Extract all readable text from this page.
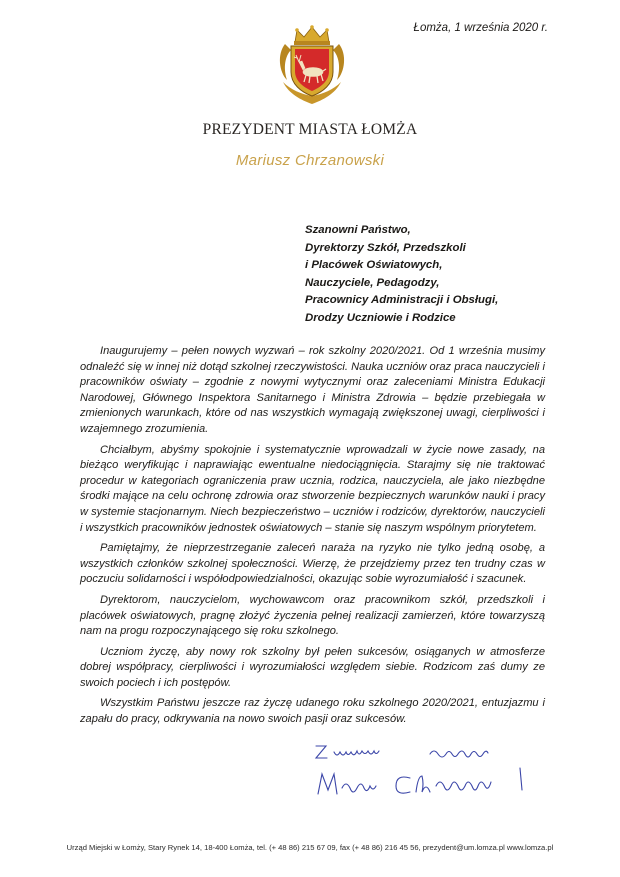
Łomża, 1 września 2020 r.
PREZYDENT MIASTA ŁOMŻA
Mariusz Chrzanowski
Szanowni Państwo,
Dyrektorzy Szkół, Przedszkoli
i Placówek Oświatowych,
Nauczyciele, Pedagodzy,
Pracownicy Administracji i Obsługi,
Drodzy Uczniowie i Rodzice

Inaugurujemy – pełen nowych wyzwań – rok szkolny 2020/2021. Od 1 września musimy odnaleźć się w innej niż dotąd szkolnej rzeczywistości. Nauka uczniów oraz praca nauczycieli i pracowników oświaty – zgodnie z nowymi wytycznymi oraz zaleceniami Ministra Edukacji Narodowej, Głównego Inspektora Sanitarnego i Ministra Zdrowia – będzie przebiegała w zmienionych warunkach, które od nas wszystkich wymagają zwiększonej uwagi, cierpliwości i wzajemnego zrozumienia.

Chciałbym, abyśmy spokojnie i systematycznie wprowadzali w życie nowe zasady, na bieżąco weryfikując i naprawiając ewentualne niedociągnięcia. Starajmy się nie traktować procedur w kategoriach ograniczenia praw ucznia, rodzica, nauczyciela, ale jako niezbędne środki mające na celu ochronę zdrowia oraz stworzenie bezpiecznych warunków nauki i pracy w systemie stacjonarnym. Niech bezpieczeństwo – uczniów i rodziców, dyrektorów, nauczycieli i wszystkich pracowników jednostek oświatowych – stanie się naszym wspólnym priorytetem.

Pamiętajmy, że nieprzestrzeganie zaleceń naraża na ryzyko nie tylko jedną osobę, a wszystkich członków szkolnej społeczności. Wierzę, że przejdziemy przez ten trudny czas w poczuciu solidarności i współodpowiedzialności, okazując sobie wyrozumiałość i szacunek.

Dyrektorom, nauczycielom, wychowawcom oraz pracownikom szkół, przedszkoli i placówek oświatowych, pragnę złożyć życzenia pełnej realizacji zamierzeń, które towarzyszą nam na progu rozpoczynającego się roku szkolnego.

Uczniom życzę, aby nowy rok szkolny był pełen sukcesów, osiąganych w atmosferze dobrej współpracy, cierpliwości i wyrozumiałości względem siebie. Rodzicom zaś dumy ze swoich pociech i ich postępów.

Wszystkim Państwu jeszcze raz życzę udanego roku szkolnego 2020/2021, entuzjazmu i zapału do pracy, odkrywania na nowo swoich pasji oraz sukcesów.

Urząd Miejski w Łomży, Stary Rynek 14, 18-400 Łomża, tel. (+ 48 86) 215 67 09, fax (+ 48 86) 216 45 56, prezydent@um.lomza.pl www.lomza.pl
